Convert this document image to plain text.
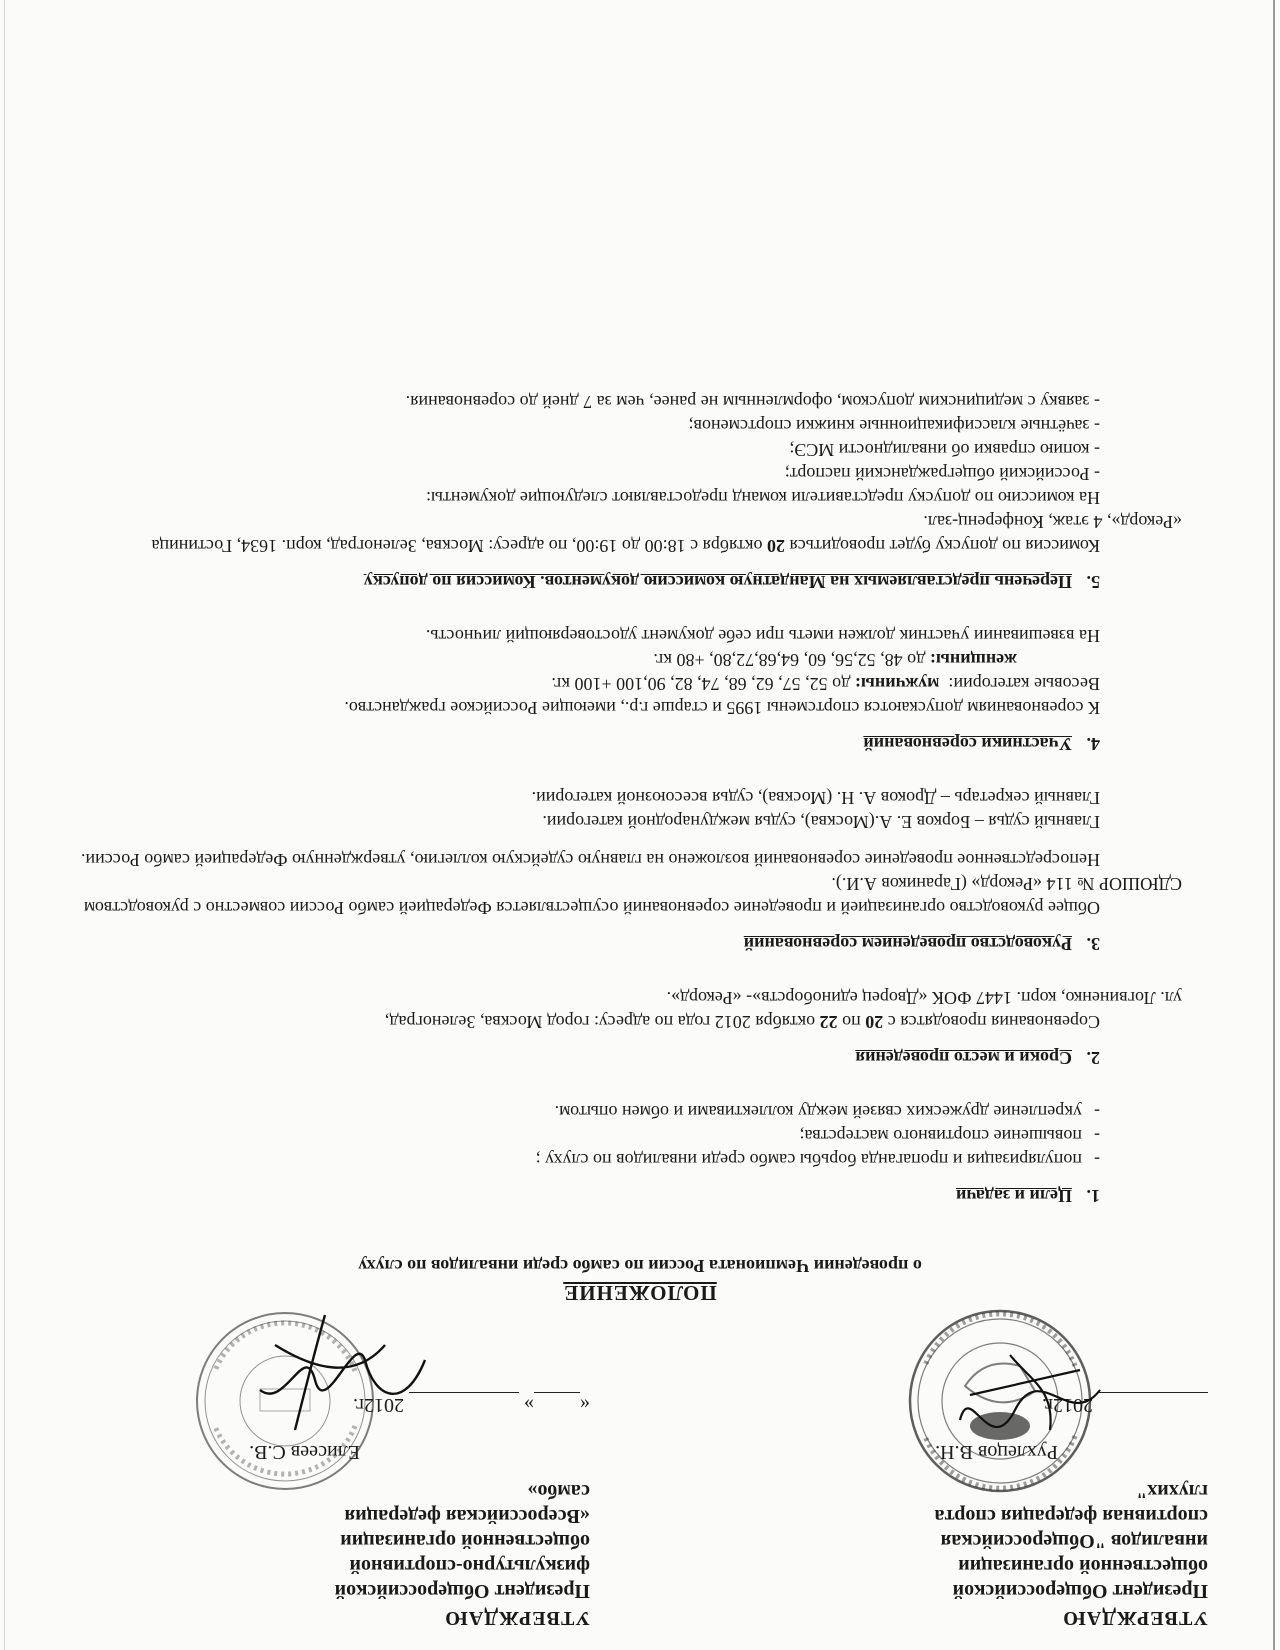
УТВЕРЖДАЮ
Президент Общероссийской
общественной организации
инвалидов "Общероссийская
спортивная федерация спорта
глухих"
Рухлецов В.Н.
2012г.
УТВЕРЖДАЮ
Президент Общероссийской
физкультурно-спортивной
общественной организации
«Всероссийская федерация
самбо»
Елисеев С.В.
«»  2012г.
ПОЛОЖЕНИЕ
о проведении Чемпионата России по самбо среди инвалидов по слуху

1.Цели и задачи

-
популяризация и пропаганда борьбы самбо среди инвалидов по слуху ;

-
повышение спортивного мастерства;

-
укрепление дружеских связей между коллективами и обмен опытом.

2.Сроки и место проведения

Соревнования проводятся с 20 по 22 октября 2012 года по адресу: город Москва, Зеленоград,

ул. Логвиненко, корп. 1447 ФОК «Дворец единоборств»- «Рекорд».

3.Руководство проведением соревнований

Общее руководство организацией и проведение соревнований осуществляется Федерацией самбо России совместно с руководством СДЮШОР № 114 «Рекорд» (Гараников А.И.).

Непосредственное проведение соревнований возложено на главную судейскую коллегию, утвержденную Федерацией самбо России.

Главный судья – Борков Е. А.(Москва), судья международной категории.

Главный секретарь – Дроков А. Н. (Москва), судья всесоюзной категории.

4.Участники соревнований

К соревнованиям допускаются спортсмены 1995 и старше г.р., имеющие Российское гражданство.

Весовые категории:  мужчины: до 52, 57, 62, 68, 74, 82, 90,100 +100 кг.

женщины: до 48, 52,56, 60, 64,68,72,80, +80 кг.

На взвешивании участник должен иметь при себе документ удостоверяющий личность.

5.Перечень представляемых на Мандатную комиссию документов. Комиссия по допуску

Комиссия по допуску будет проводиться 20 октября с 18:00 до 19:00, по адресу: Москва, Зеленоград, корп. 1634, Гостиница «Рекорд», 4 этаж, Конференц-зал.

На комиссию по допуску представители команд предоставляют следующие документы:

- Российский общегражданский паспорт;

- копию справки об инвалидности МСЭ;

- зачётные классификационные книжки спортсменов;

- заявку с медицинским допуском, оформленным не ранее, чем за 7 дней до соревнования.
